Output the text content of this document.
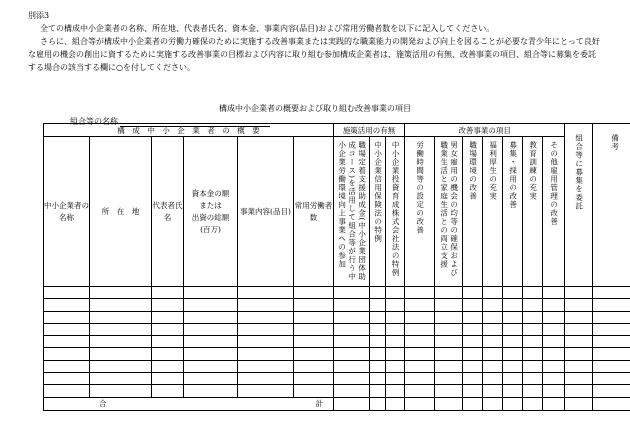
別添3

全ての構成中小企業者の名称、所在地、代表者氏名、資本金、事業内容(品目)および常用労働者数を以下に記入してください。

さらに、組合等が構成中小企業者の労働力確保のために実施する改善事業または実践的な職業能力の開発および向上を図ることが必要な青少年にとって良好な雇用の機会の創出に資するために実施する改善事業の目標および内容に取り組む参加構成企業者は、施策活用の有無、改善事業の項目、組合等に募集を委託する場合の該当する欄に○を付してください。

構成中小企業者の概要および取り組む改善事業の項目
組合等の名称
構　成　中　小　企　業　者　の　概　要						施策活用の有無			改善事業の項目							組合等に募集を委託	備考
中小企業者の名称	所　在　地	代表者氏名	資本金の額
または
出資の総額
(百万)	事業内容(品目)	常用労働者数	職場定着支援助成金(中小企業団体助成コース)を活用して組合等が行う中小企業労働環境向上事業への参加	中小企業信用保険法の特例	中小企業投資育成株式会社法の特例	労働時間等の設定の改善	男女雇用の機会の均等の確保および職業生活と家庭生活との両立支援	職場環境の改善	福利厚生の充実	募集・採用の改善	教育訓練の充実	その他雇用管理の改善		

合 計																	
